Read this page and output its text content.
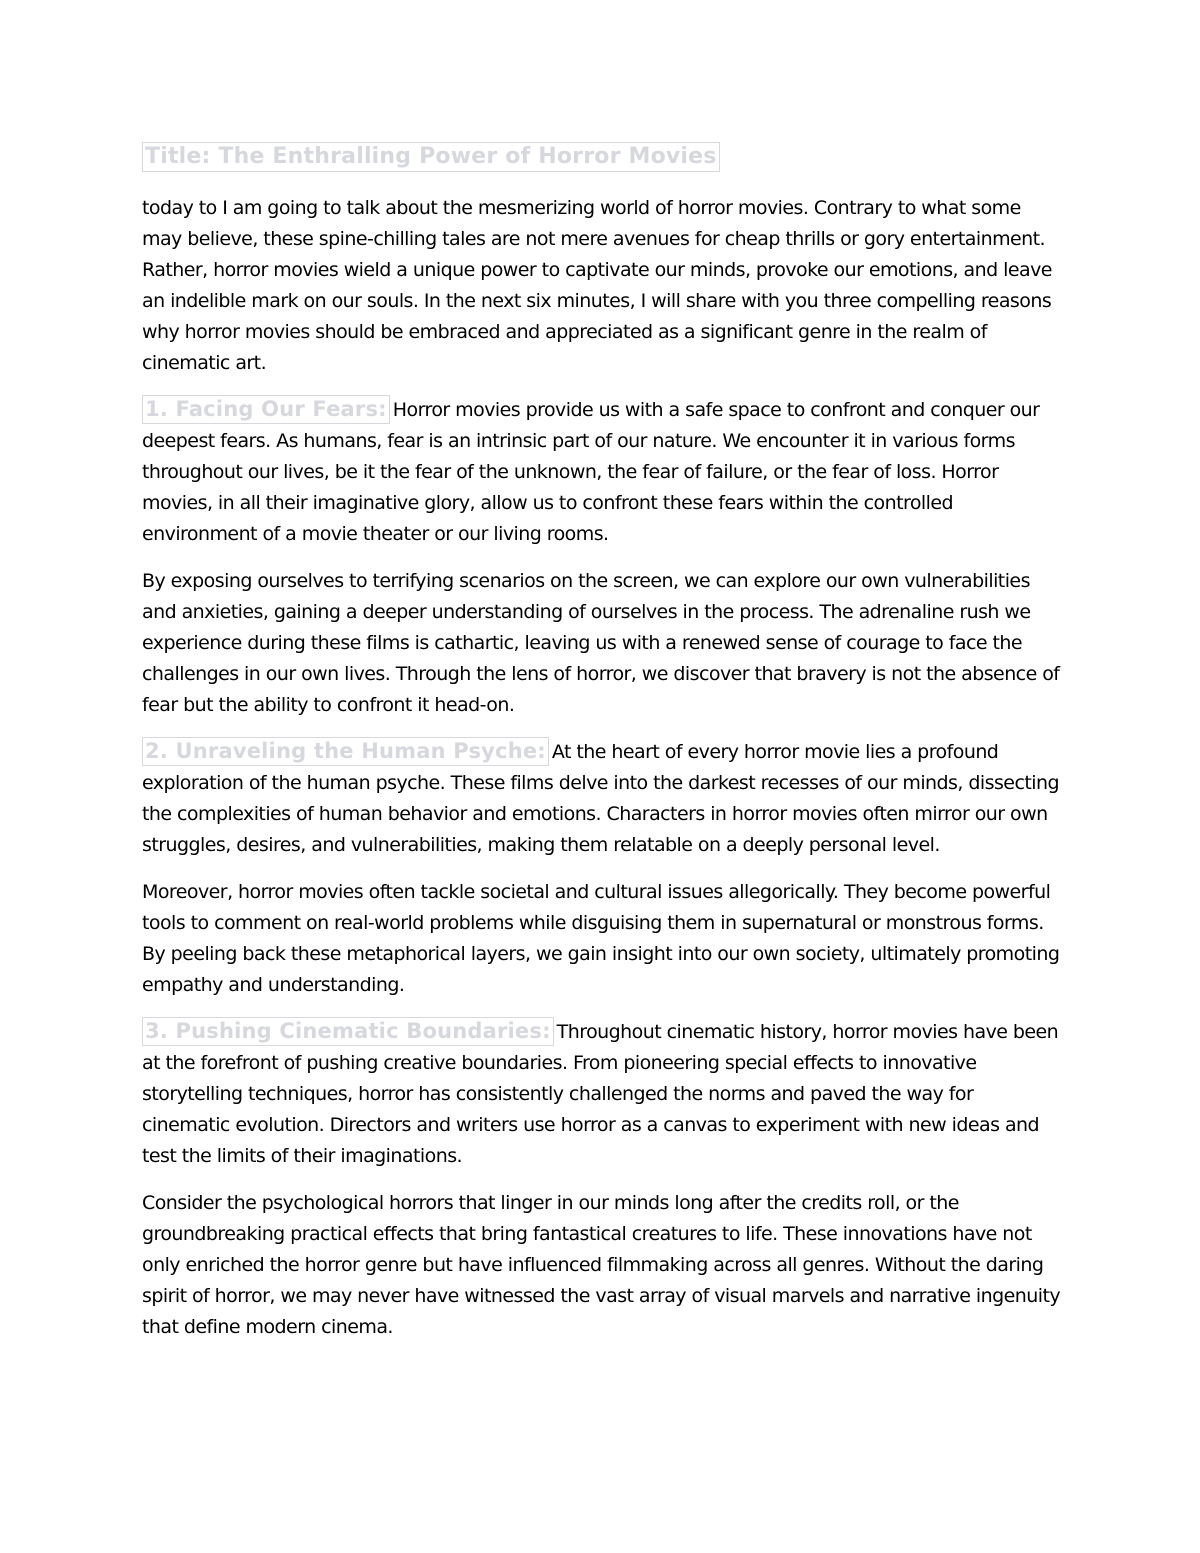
Title: The Enthralling Power of Horror Movies

today to I am going to talk about the mesmerizing world of horror movies. Contrary to what some may believe, these spine-chilling tales are not mere avenues for cheap thrills or gory entertainment. Rather, horror movies wield a unique power to captivate our minds, provoke our emotions, and leave an indelible mark on our souls. In the next six minutes, I will share with you three compelling reasons why horror movies should be embraced and appreciated as a significant genre in the realm of cinematic art.

1. Facing Our Fears: Horror movies provide us with a safe space to confront and conquer our deepest fears. As humans, fear is an intrinsic part of our nature. We encounter it in various forms throughout our lives, be it the fear of the unknown, the fear of failure, or the fear of loss. Horror movies, in all their imaginative glory, allow us to confront these fears within the controlled environment of a movie theater or our living rooms.

By exposing ourselves to terrifying scenarios on the screen, we can explore our own vulnerabilities and anxieties, gaining a deeper understanding of ourselves in the process. The adrenaline rush we experience during these films is cathartic, leaving us with a renewed sense of courage to face the challenges in our own lives. Through the lens of horror, we discover that bravery is not the absence of fear but the ability to confront it head-on.

2. Unraveling the Human Psyche: At the heart of every horror movie lies a profound exploration of the human psyche. These films delve into the darkest recesses of our minds, dissecting the complexities of human behavior and emotions. Characters in horror movies often mirror our own struggles, desires, and vulnerabilities, making them relatable on a deeply personal level.

Moreover, horror movies often tackle societal and cultural issues allegorically. They become powerful tools to comment on real-world problems while disguising them in supernatural or monstrous forms. By peeling back these metaphorical layers, we gain insight into our own society, ultimately promoting empathy and understanding.

3. Pushing Cinematic Boundaries: Throughout cinematic history, horror movies have been at the forefront of pushing creative boundaries. From pioneering special effects to innovative storytelling techniques, horror has consistently challenged the norms and paved the way for cinematic evolution. Directors and writers use horror as a canvas to experiment with new ideas and test the limits of their imaginations.

Consider the psychological horrors that linger in our minds long after the credits roll, or the groundbreaking practical effects that bring fantastical creatures to life. These innovations have not only enriched the horror genre but have influenced filmmaking across all genres. Without the daring spirit of horror, we may never have witnessed the vast array of visual marvels and narrative ingenuity that define modern cinema.
